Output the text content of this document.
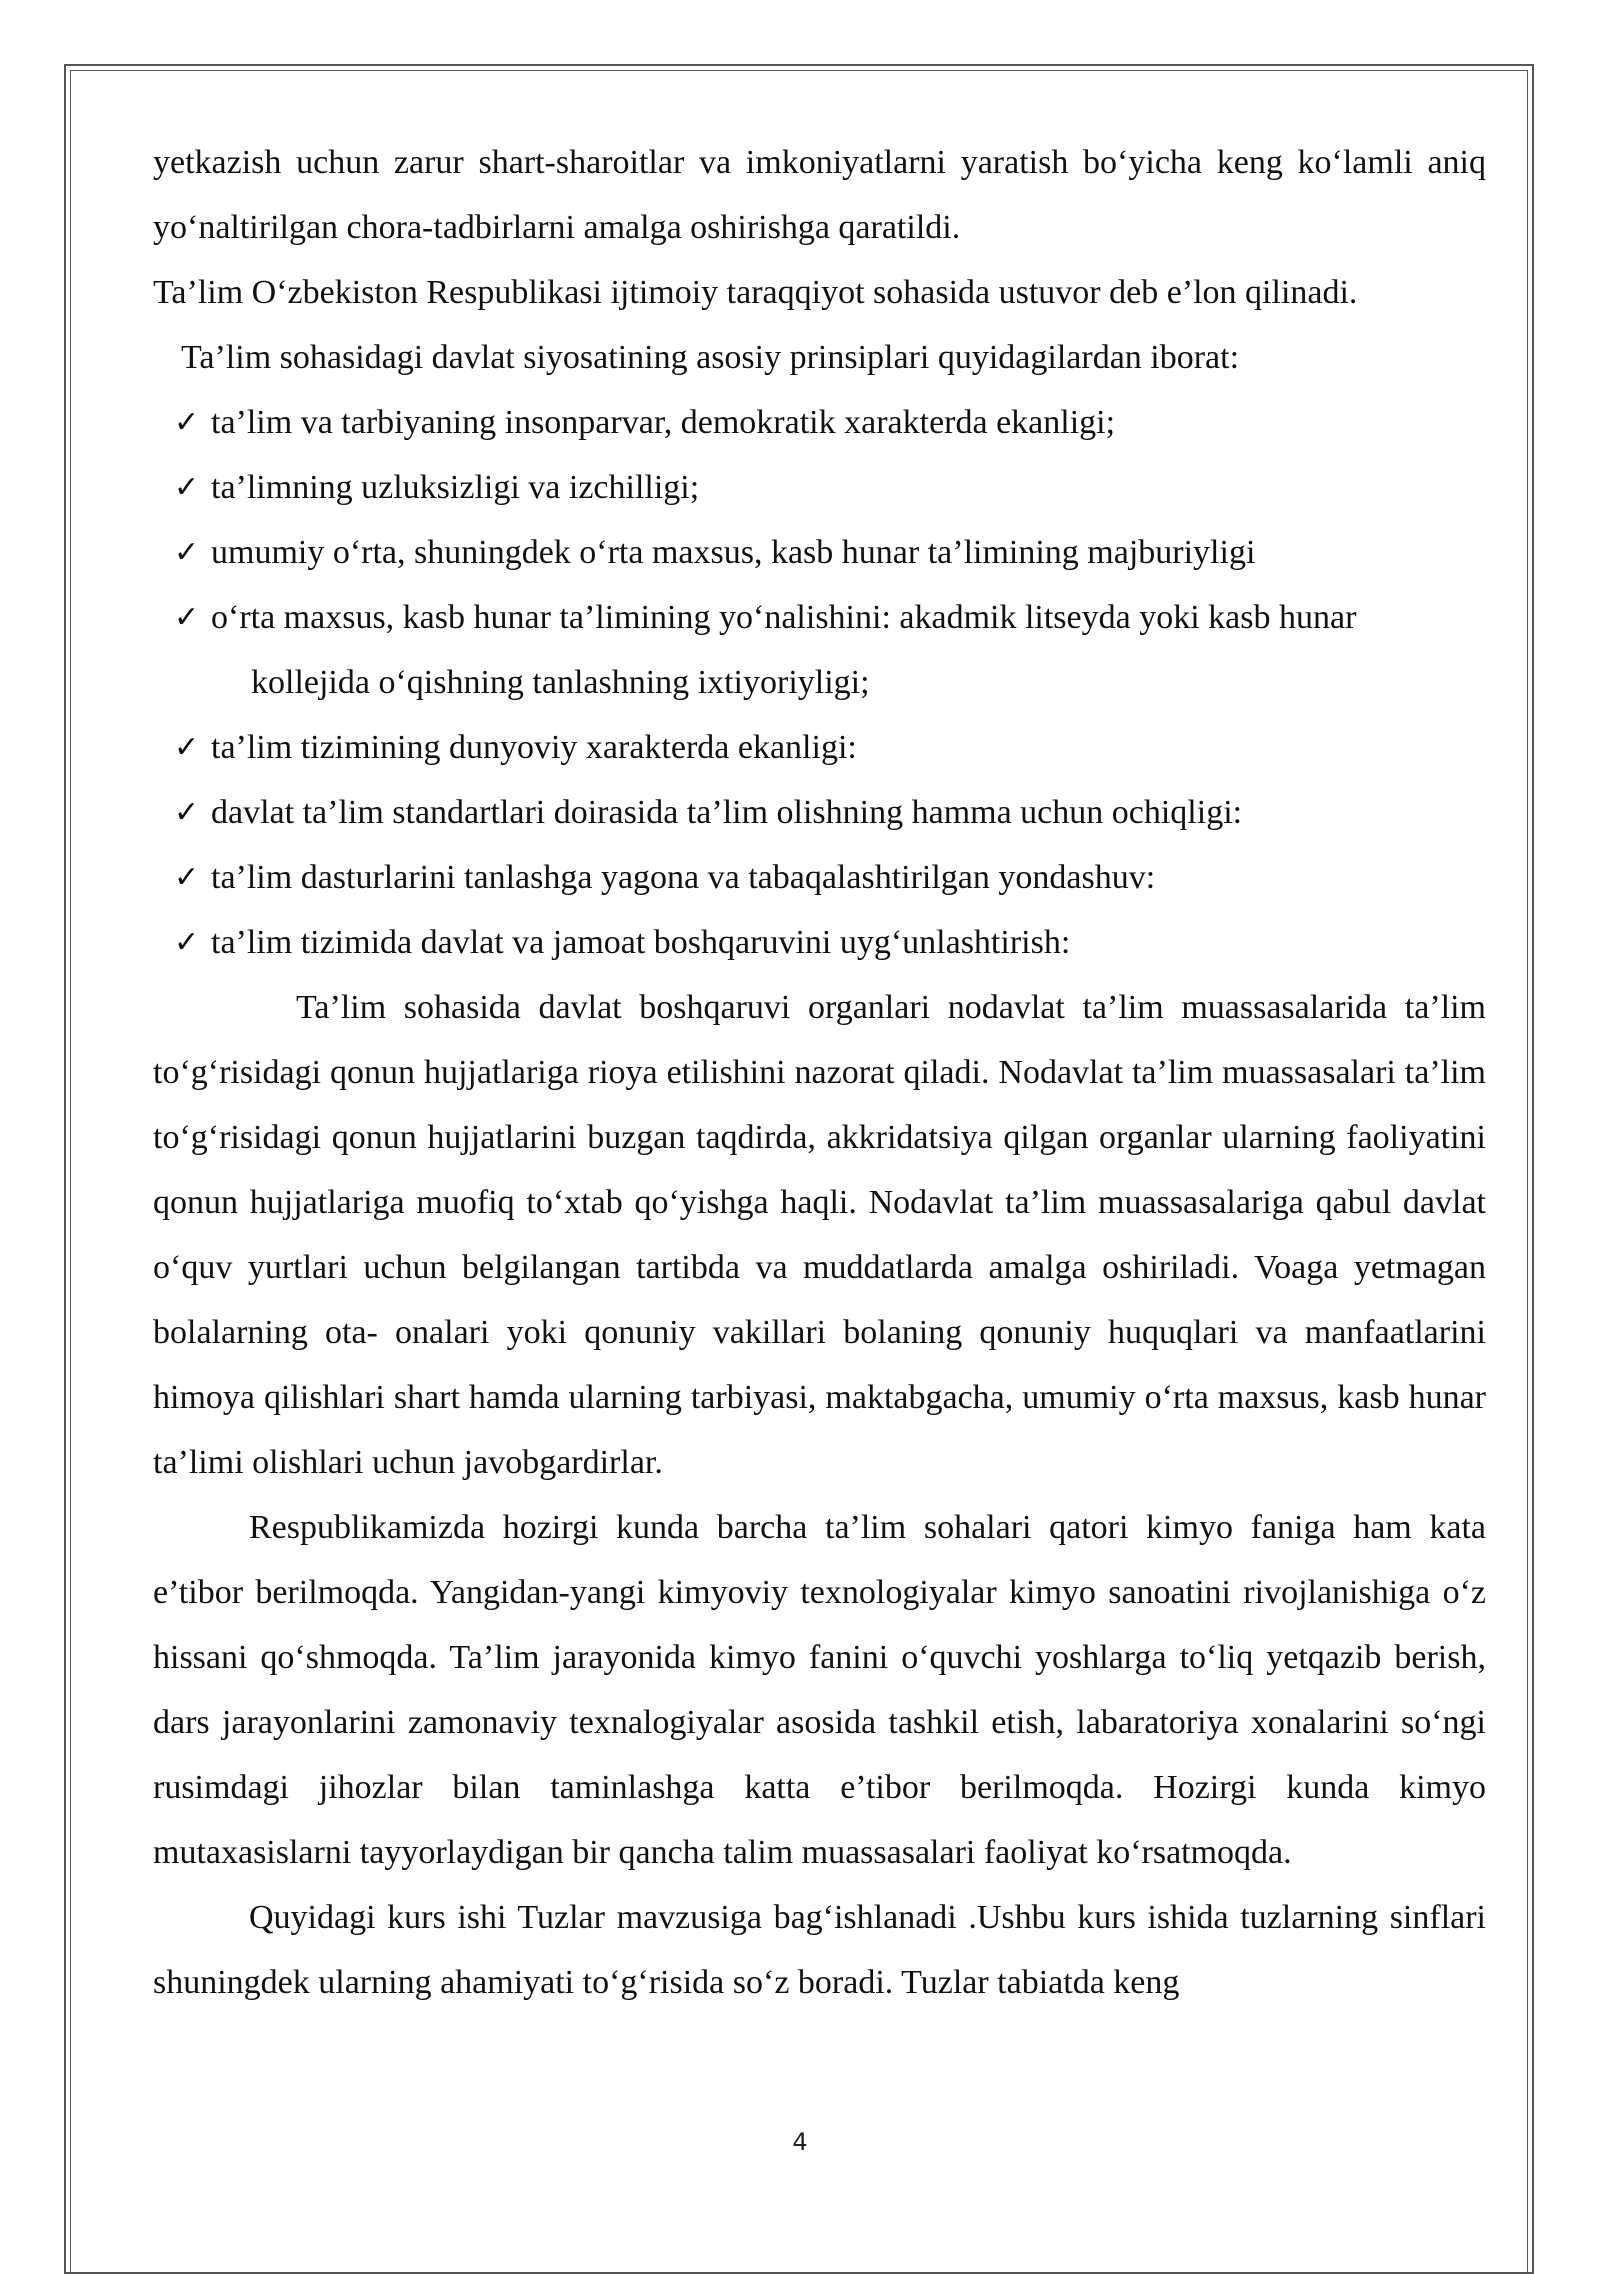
yetkazish uchun zarur shart-sharoitlar va imkoniyatlarni yaratish bo‘yicha keng ko‘lamli aniq yo‘naltirilgan chora-tadbirlarni amalga oshirishga qaratildi.

Ta’lim O‘zbekiston Respublikasi ijtimoiy taraqqiyot sohasida ustuvor deb e’lon qilinadi.

Ta’lim sohasidagi davlat siyosatining asosiy prinsiplari quyidagilardan iborat:

✓ ta’lim va tarbiyaning insonparvar, demokratik xarakterda ekanligi;
✓ ta’limning uzluksizligi va izchilligi;
✓ umumiy o‘rta, shuningdek o‘rta maxsus, kasb hunar ta’limining majburiyligi
✓ o‘rta maxsus, kasb hunar ta’limining yo‘nalishini: akadmik litseyda yoki kasb hunar
kollejida o‘qishning tanlashning ixtiyoriyligi;
✓ ta’lim tizimining dunyoviy xarakterda ekanligi:
✓ davlat ta’lim standartlari doirasida ta’lim olishning hamma uchun ochiqligi:
✓ ta’lim dasturlarini tanlashga yagona va tabaqalashtirilgan yondashuv:
✓ ta’lim tizimida davlat va jamoat boshqaruvini uyg‘unlashtirish:

Ta’lim sohasida davlat boshqaruvi organlari nodavlat ta’lim muassasalarida ta’lim to‘g‘risidagi qonun hujjatlariga rioya etilishini nazorat qiladi. Nodavlat ta’lim muassasalari ta’lim to‘g‘risidagi qonun hujjatlarini buzgan taqdirda, akkridatsiya qilgan organlar ularning faoliyatini qonun hujjatlariga muofiq to‘xtab qo‘yishga haqli. Nodavlat ta’lim muassasalariga qabul davlat o‘quv yurtlari uchun belgilangan tartibda va muddatlarda amalga oshiriladi. Voaga yetmagan bolalarning ota- onalari yoki qonuniy vakillari bolaning qonuniy huquqlari va manfaatlarini himoya qilishlari shart hamda ularning tarbiyasi, maktabgacha, umumiy o‘rta maxsus, kasb hunar ta’limi olishlari uchun javobgardirlar.

Respublikamizda hozirgi kunda barcha ta’lim sohalari qatori kimyo faniga ham kata e’tibor berilmoqda. Yangidan-yangi kimyoviy texnologiyalar kimyo sanoatini rivojlanishiga o‘z hissani qo‘shmoqda. Ta’lim jarayonida kimyo fanini o‘quvchi yoshlarga to‘liq yetqazib berish, dars jarayonlarini zamonaviy texnalogiyalar asosida tashkil etish, labaratoriya xonalarini so‘ngi rusimdagi jihozlar bilan taminlashga katta e’tibor berilmoqda. Hozirgi kunda kimyo mutaxasislarni tayyorlaydigan bir qancha talim muassasalari faoliyat ko‘rsatmoqda.

Quyidagi kurs ishi Tuzlar mavzusiga bag‘ishlanadi .Ushbu kurs ishida tuzlarning sinflari shuningdek ularning ahamiyati to‘g‘risida so‘z boradi. Tuzlar tabiatda keng

4
